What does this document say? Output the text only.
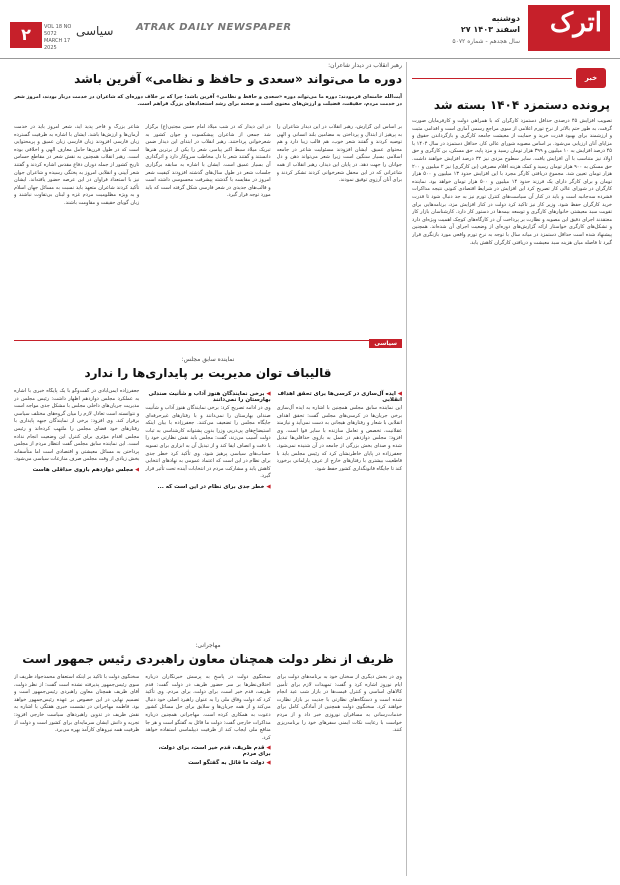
۲	VOL 18 NO 5072
MARCH 17 2025
سیاسی ATRAK DAILY NEWSPAPER
دوشنبه
۲۷ اسفند ۱۴۰۳
سال هجدهم - شماره ۵۰۷۲
اترک
خبر
پرونده دستمزد ۱۴۰۴ بسته شد
تصویب افزایش ۴۵ درصدی حداقل دستمزد کارگران که با همراهی دولت و کارفرمایان صورت گرفت، به طور حتم بالاتر از نرخ تورم اعلامی از سوی مراجع رسمی آماری است و اقدامی مثبت و ارزشمند برای بهبود قدرت خرید و حمایت از معیشت جامعه کارگری و بازگرداندن حقوق و مزایای آنان ارزیابی می‌شود. بر اساس مصوبه شورای عالی کار، حداقل دستمزد در سال ۱۴۰۴ با ۴۵ درصد افزایش به ۱۰ میلیون و ۳۹۹ هزار تومان رسید و مزد پایه، حق مسکن، بن کارگری و حق اولاد نیز متناسب با آن افزایش یافت. سایر سطوح مزدی نیز ۳۲ درصد افزایش خواهند داشت. حق مسکن به ۹۰۰ هزار تومان رسید و کمک هزینه اقلام مصرفی (بن کارگری) نیز ۲ میلیون و ۲۰۰ هزار تومان تعیین شد. مجموع دریافتی کارگر مجرد با این افزایش حدود ۱۳ میلیون و ۵۰۰ هزار تومان و برای کارگر دارای یک فرزند حدود ۱۴ میلیون و ۵۰۰ هزار تومان خواهد بود. نماینده کارگران در شورای عالی کار تصریح کرد این افزایش در شرایط اقتصادی کنونی نتیجه مذاکرات فشرده سه‌جانبه است و باید در کنار آن سیاست‌های کنترل تورم نیز به جد دنبال شود تا قدرت خرید کارگران حفظ شود. وزیر کار نیز تاکید کرد دولت در کنار افزایش مزد، برنامه‌هایی برای تقویت سبد معیشتی خانوارهای کارگری و توسعه بیمه‌ها در دستور کار دارد. کارشناسان بازار کار معتقدند اجرای دقیق این مصوبه و نظارت بر پرداخت آن در کارگاه‌های کوچک اهمیت ویژه‌ای دارد و تشکل‌های کارگری خواستار ارائه گزارش‌های دوره‌ای از وضعیت اجرای آن شده‌اند. همچنین پیشنهاد شده است حداقل دستمزد در میانه سال با توجه به نرخ تورم واقعی مورد بازنگری قرار گیرد تا فاصله میان هزینه سبد معیشت و دریافتی کارگران کاهش یابد.
رهبر انقلاب در دیدار شاعران:
دوره ما می‌تواند «سعدی و حافظ و نظامی» آفرین باشد
آیت‌الله خامنه‌ای فرمودند: دوره ما می‌تواند دوره «سعدی و حافظ و نظامی» آفرین باشد؛ چرا که بر خلاف دوره‌ای که شاعران در خدمت دربار بودند، امروز شعر در خدمت مردم، حقیقت، فضیلت و ارزش‌های معنوی است و صحنه برای رشد استعدادهای بزرگ فراهم است.
شاعر بزرگ و فاخر پدید آید، شعر امروز باید در خدمت آرمان‌ها و ارزش‌ها باشد. ایشان با اشاره به ظرفیت گسترده زبان فارسی افزودند زبان فارسی زبان عمیق و پرمحتوایی است که در طول قرن‌ها حامل معارف الهی و اخلاقی بوده است. رهبر انقلاب همچنین به نقش شعر در مقاطع حساس تاریخ کشور از جمله دوران دفاع مقدس اشاره کردند و گفتند شعر آیینی و انقلابی امروز به پختگی رسیده و شاعران جوان نیز با استعداد فراوان در این عرصه حضور یافته‌اند. ایشان تأکید کردند شاعران متعهد باید نسبت به مسائل جهان اسلام و به ویژه مظلومیت مردم غزه و لبنان بی‌تفاوت نباشند و زبان گویای حقیقت و مقاومت باشند.
در این دیدار که در شب میلاد امام حسن مجتبی(ع) برگزار شد جمعی از شاعران پیشکسوت و جوان کشور به شعرخوانی پرداختند. رهبر انقلاب در ابتدای این دیدار ضمن تبریک میلاد سبط اکبر پیامبر، شعر را یکی از برترین هنرها دانستند و گفتند شعر با دل مخاطب سروکار دارد و اثرگذاری آن بسیار عمیق است. ایشان با اشاره به سابقه برگزاری جلسات شعر در طول سال‌های گذشته افزودند کیفیت شعر امروز در مقایسه با گذشته پیشرفت محسوسی داشته است و قالب‌های جدیدی در شعر فارسی شکل گرفته است که باید مورد توجه قرار گیرد.
بر اساس این گزارش، رهبر انقلاب در این دیدار شاعران را به پرهیز از ابتذال و پرداختن به مضامین بلند انسانی و الهی توصیه کردند و گفتند شعر خوب، هم قالب زیبا دارد و هم محتوای عمیق. ایشان افزودند مسئولیت شاعر در جامعه اسلامی بسیار سنگین است زیرا شعر می‌تواند ذهن و دل جوانان را جهت دهد. در پایان این دیدار، رهبر انقلاب از همه شاعرانی که در این محفل شعرخوانی کردند تشکر کردند و برای آنان آرزوی توفیق نمودند.
سیاسی
نماینده سابق مجلس:
قالیباف توان مدیریت بر پایداری‌ها را ندارد
جعفرزاده ایمن‌آبادی در گفت‌وگو با یک پایگاه خبری با اشاره به عملکرد مجلس دوازدهم اظهار داشت: رئیس مجلس در مدیریت جریان‌های داخلی مجلس با مشکل جدی مواجه است و نتوانسته است تعادل لازم را میان گروه‌های مختلف سیاسی برقرار کند. وی افزود: برخی از نمایندگان جبهه پایداری با رفتارهای خود فضای مجلس را ملتهب کرده‌اند و رئیس مجلس اقدام مؤثری برای کنترل این وضعیت انجام نداده است. این نماینده سابق مجلس گفت انتظار مردم از مجلس پرداختن به مسائل معیشتی و اقتصادی است اما متأسفانه بخش زیادی از وقت مجلس صرف منازعات سیاسی می‌شود.
◀ مجلس دوازدهم بازوی حداقلی هاست
◀ برخی نمایندگان هنوز آداب و شأنیت صندلی بهارستان را نمی‌دانند
وی در ادامه تصریح کرد: برخی نمایندگان هنوز آداب و شأنیت صندلی بهارستان را نمی‌دانند و با رفتارهای غیرحرفه‌ای جایگاه مجلس را تضعیف می‌کنند. جعفرزاده با بیان اینکه استیضاح‌های پی‌درپی وزرا بدون پشتوانه کارشناسی به ثبات دولت آسیب می‌زند، گفت: مجلس باید نقش نظارتی خود را با دقت و انصاف ایفا کند و از تبدیل آن به ابزاری برای تسویه حساب‌های سیاسی پرهیز شود. وی تأکید کرد خطر جدی برای نظام در این است که اعتماد عمومی به نهادهای انتخابی کاهش یابد و مشارکت مردم در انتخابات آینده تحت تأثیر قرار گیرد.
◀ خطر جدی برای نظام در این است که ...
◀ ایده آل‌سازی در کرسی‌ها برای تحقق اهداف انقلابی
این نماینده سابق مجلس همچنین با اشاره به ایده آل‌سازی برخی جریان‌ها در کرسی‌های مجلس گفت: تحقق اهداف انقلابی با شعار و رفتارهای هیجانی به دست نمی‌آید و نیازمند عقلانیت، تخصص و تعامل سازنده با سایر قوا است. وی افزود: مجلس دوازدهم در عمل به بازوی حداقلی‌ها تبدیل شده و صدای بخش بزرگی از جامعه در آن شنیده نمی‌شود. جعفرزاده در پایان خاطرنشان کرد که رئیس مجلس باید با قاطعیت بیشتری با رفتارهای خارج از عرف پارلمانی برخورد کند تا جایگاه قانونگذاری کشور حفظ شود.
مهاجرانی:
ظریف از نظر دولت همچنان معاون راهبردی رئیس جمهور است
سخنگوی دولت با تأکید بر اینکه استعفای محمدجواد ظریف از سوی رئیس‌جمهور پذیرفته نشده است گفت: از نظر دولت، آقای ظریف همچنان معاون راهبردی رئیس‌جمهور است و تصمیم نهایی در این خصوص بر عهده رئیس‌جمهور خواهد بود. فاطمه مهاجرانی در نشست خبری هفتگی با اشاره به نقش ظریف در تدوین راهبردهای سیاست خارجی افزود: تجربه و دانش ایشان سرمایه‌ای برای کشور است و دولت از ظرفیت همه نیروهای کارآمد بهره می‌برد.
سخنگوی دولت در پاسخ به پرسش خبرنگاران درباره اختلاف‌نظرها بر سر حضور ظریف در دولت گفت: قدم ظریف، قدم خیر است، برای دولت، برای مردم. وی تأکید کرد که دولت وفاق ملی را به عنوان راهبرد اصلی خود دنبال می‌کند و از همه جریان‌ها و سلایق برای حل مسائل کشور دعوت به همکاری کرده است. مهاجرانی همچنین درباره مذاکرات خارجی گفت: دولت ما قائل به گفتگو است و هر جا منافع ملی ایجاب کند از ظرفیت دیپلماسی استفاده خواهد کرد.
◀ قدم ظریف، قدم خیر است، برای دولت، برای مردم
◀ دولت ما قائل به گفتگو است
وی در بخش دیگری از سخنان خود به برنامه‌های دولت برای ایام نوروز اشاره کرد و گفت: تمهیدات لازم برای تأمین کالاهای اساسی و کنترل قیمت‌ها در بازار شب عید انجام شده است و دستگاه‌های نظارتی با جدیت بر بازار نظارت خواهند کرد. سخنگوی دولت همچنین از آمادگی کامل برای خدمات‌رسانی به مسافران نوروزی خبر داد و از مردم خواست با رعایت نکات ایمنی سفرهای خود را برنامه‌ریزی کنند.
